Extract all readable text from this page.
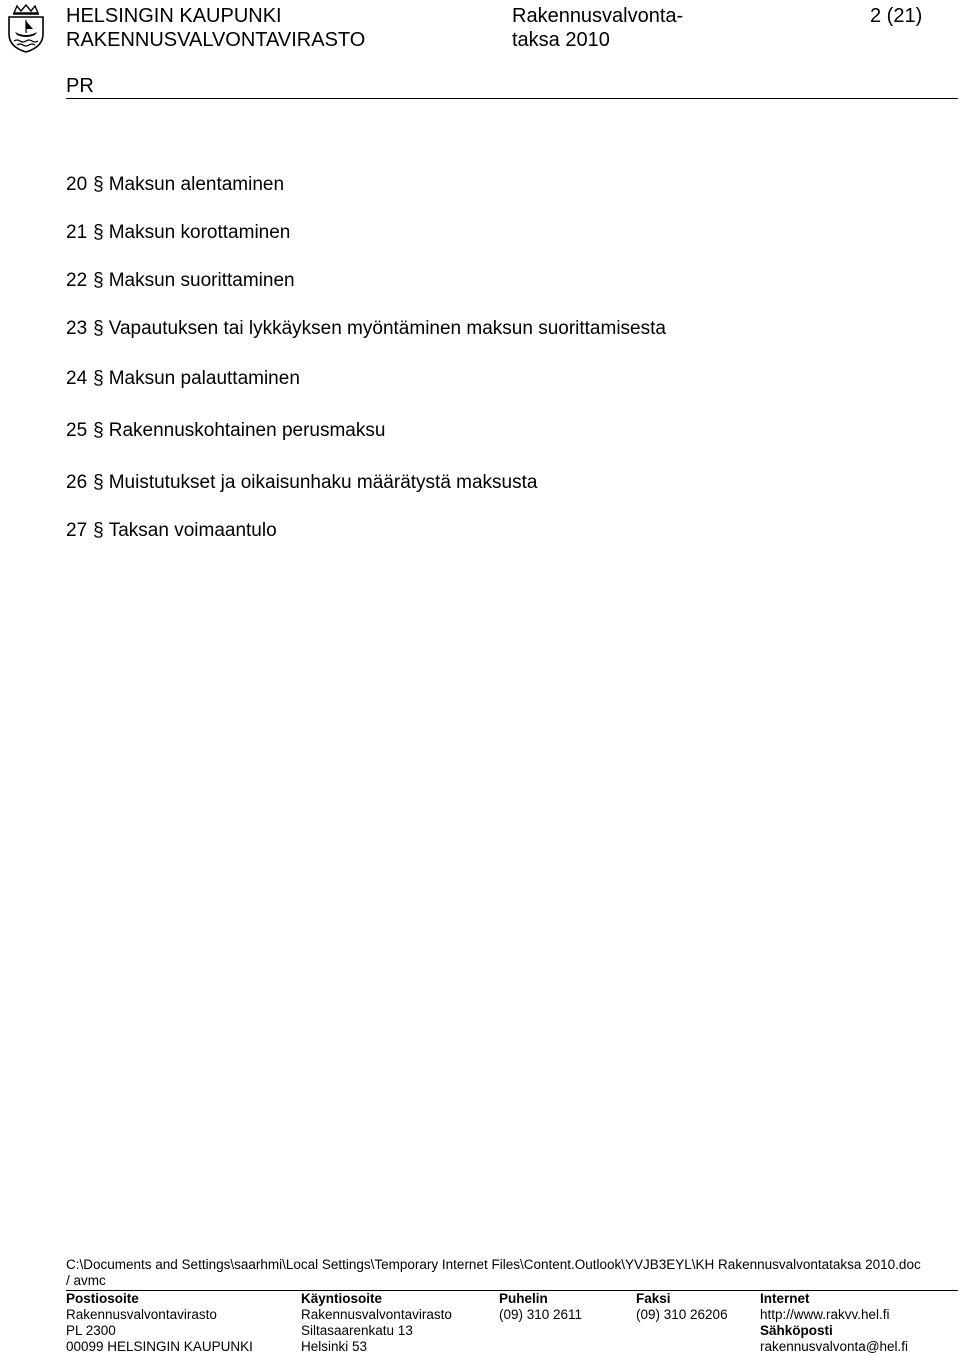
HELSINGIN KAUPUNKI
RAKENNUSVALVONTAVIRASTO
Rakennusvalvonta-
taksa 2010
2 (21)
PR
20 § Maksun alentaminen
21 § Maksun korottaminen
22 § Maksun suorittaminen
23 § Vapautuksen tai lykkäyksen myöntäminen maksun suorittamisesta
24 § Maksun palauttaminen
25 § Rakennuskohtainen perusmaksu
26 § Muistutukset ja oikaisunhaku määrätystä maksusta
27 § Taksan voimaantulo
C:\Documents and Settings\saarhmi\Local Settings\Temporary Internet Files\Content.Outlook\YVJB3EYL\KH Rakennusvalvontataksa 2010.doc
/ avmc
Postiosoite
Rakennusvalvontavirasto
PL 2300
00099 HELSINGIN KAUPUNKI
Käyntiosoite
Rakennusvalvontavirasto
Siltasaarenkatu 13
Helsinki 53
Puhelin
(09) 310 2611
Faksi
(09) 310 26206
Internet
http://www.rakvv.hel.fi
Sähköposti
rakennusvalvonta@hel.fi
